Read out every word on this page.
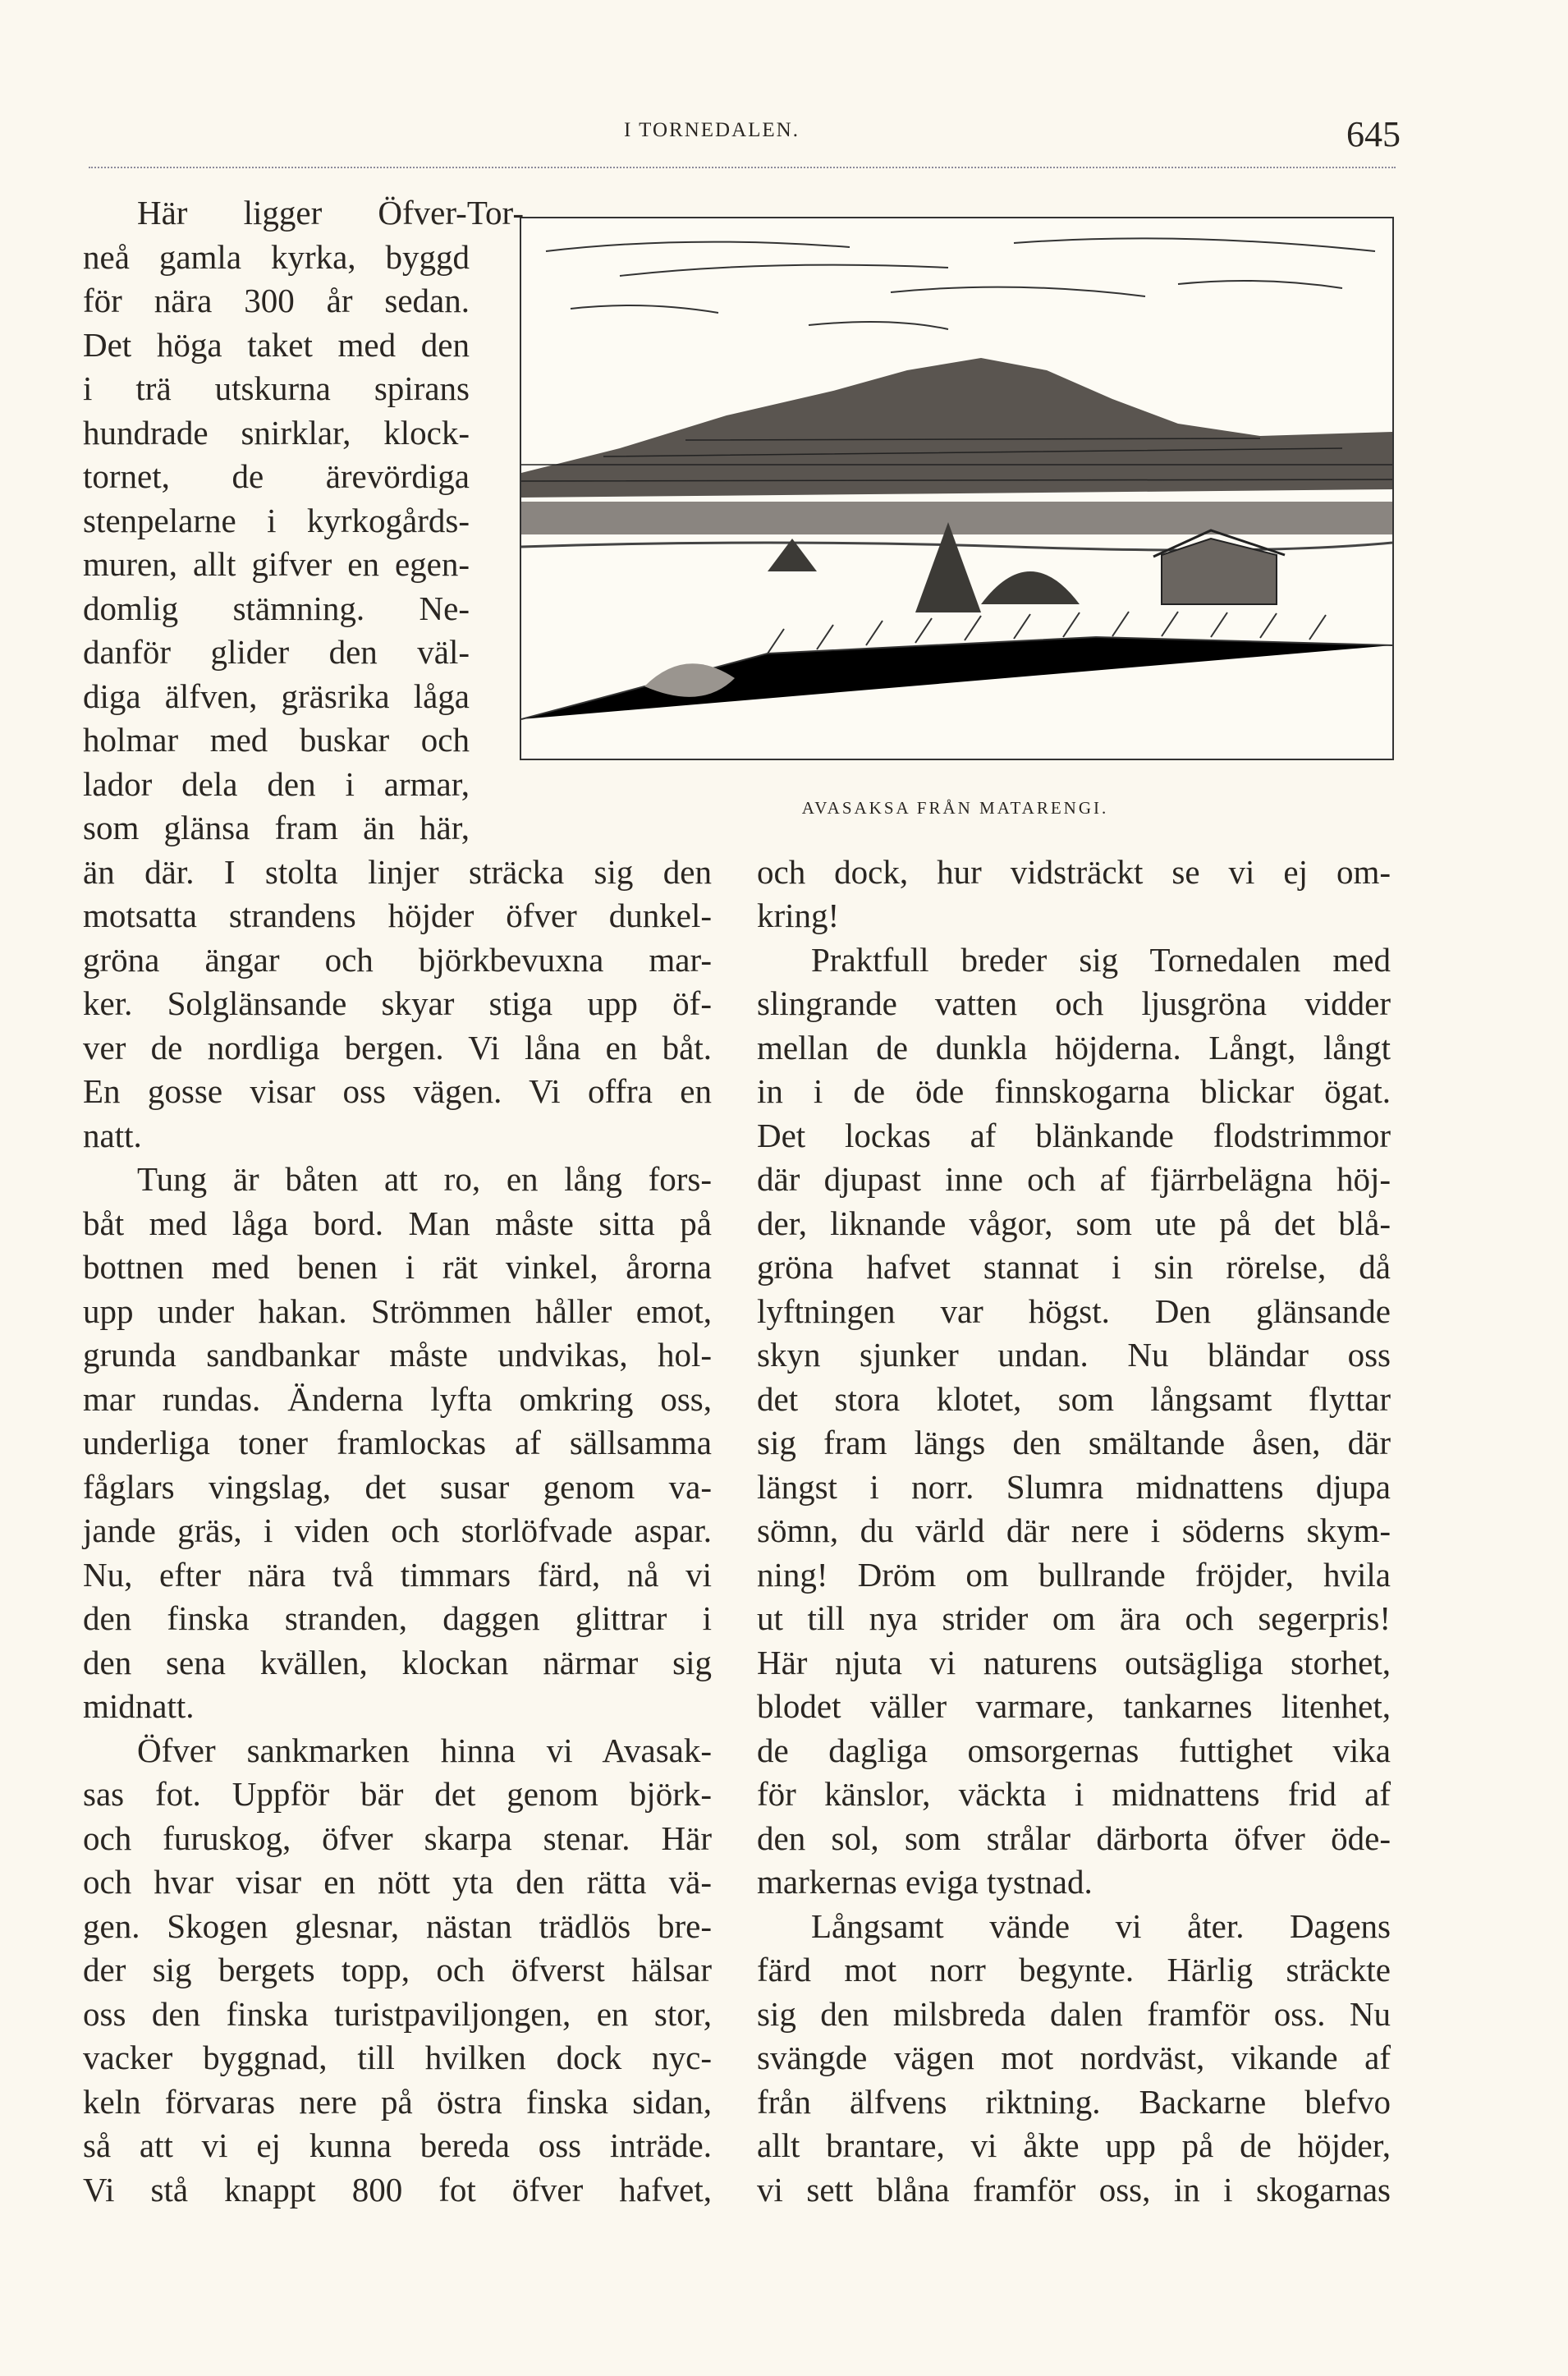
I TORNEDALEN.	645
AVASAKSA FRÅN MATARENGI.
Här ligger Öfver-Tor-
neå gamla kyrka, byggd
för nära 300 år sedan.
Det höga taket med den
i trä utskurna spirans
hundrade snirklar, klock-
tornet, de ärevördiga
stenpelarne i kyrkogårds-
muren, allt gifver en egen-
domlig stämning. Ne-
danför glider den väl-
diga älfven, gräsrika låga
holmar med buskar och
lador dela den i armar,
som glänsa fram än här,
än där. I stolta linjer sträcka sig den
motsatta strandens höjder öfver dunkel-
gröna ängar och björkbevuxna mar-
ker. Solglänsande skyar stiga upp öf-
ver de nordliga bergen. Vi låna en båt.
En gosse visar oss vägen. Vi offra en
natt.
Tung är båten att ro, en lång fors-
båt med låga bord. Man måste sitta på
bottnen med benen i rät vinkel, årorna
upp under hakan. Strömmen håller emot,
grunda sandbankar måste undvikas, hol-
mar rundas. Änderna lyfta omkring oss,
underliga toner framlockas af sällsamma
fåglars vingslag, det susar genom va-
jande gräs, i viden och storlöfvade aspar.
Nu, efter nära två timmars färd, nå vi
den finska stranden, daggen glittrar i
den sena kvällen, klockan närmar sig
midnatt.
Öfver sankmarken hinna vi Avasak-
sas fot. Uppför bär det genom björk-
och furuskog, öfver skarpa stenar. Här
och hvar visar en nött yta den rätta vä-
gen. Skogen glesnar, nästan trädlös bre-
der sig bergets topp, och öfverst hälsar
oss den finska turistpaviljongen, en stor,
vacker byggnad, till hvilken dock nyc-
keln förvaras nere på östra finska sidan,
så att vi ej kunna bereda oss inträde.
Vi stå knappt 800 fot öfver hafvet,
och dock, hur vidsträckt se vi ej om-
kring!
Praktfull breder sig Tornedalen med
slingrande vatten och ljusgröna vidder
mellan de dunkla höjderna. Långt, långt
in i de öde finnskogarna blickar ögat.
Det lockas af blänkande flodstrimmor
där djupast inne och af fjärrbelägna höj-
der, liknande vågor, som ute på det blå-
gröna hafvet stannat i sin rörelse, då
lyftningen var högst. Den glänsande
skyn sjunker undan. Nu bländar oss
det stora klotet, som långsamt flyttar
sig fram längs den smältande åsen, där
längst i norr. Slumra midnattens djupa
sömn, du värld där nere i söderns skym-
ning! Dröm om bullrande fröjder, hvila
ut till nya strider om ära och segerpris!
Här njuta vi naturens outsägliga storhet,
blodet väller varmare, tankarnes litenhet,
de dagliga omsorgernas futtighet vika
för känslor, väckta i midnattens frid af
den sol, som strålar därborta öfver öde-
markernas eviga tystnad.
Långsamt vände vi åter. Dagens
färd mot norr begynte. Härlig sträckte
sig den milsbreda dalen framför oss. Nu
svängde vägen mot nordväst, vikande af
från älfvens riktning. Backarne blefvo
allt brantare, vi åkte upp på de höjder,
vi sett blåna framför oss, in i skogarnas
